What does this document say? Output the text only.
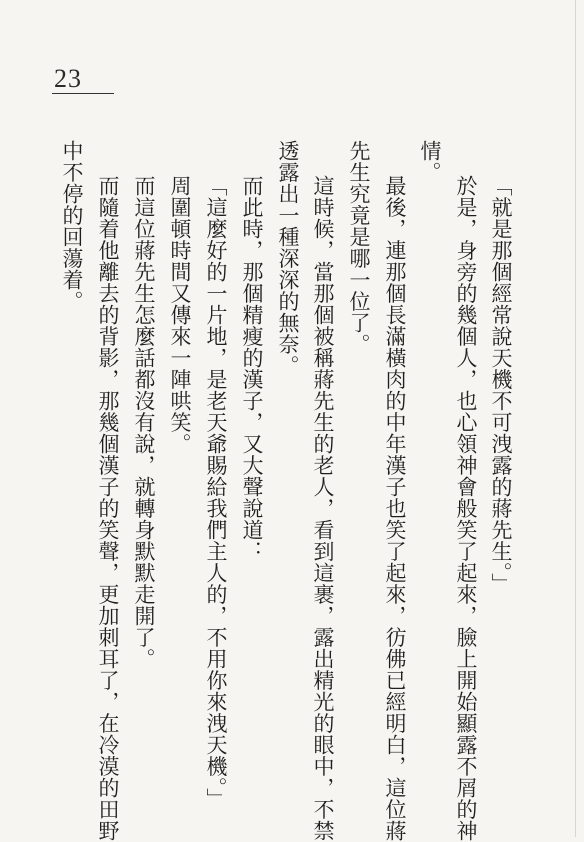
23
「就是那個經常說天機不可洩露的蔣先生。」
於是，身旁的幾個人，也心領神會般笑了起來，臉上開始顯露不屑的神
情。
最後，連那個長滿橫肉的中年漢子也笑了起來，彷佛已經明白，這位蔣
先生究竟是哪一位了。
這時候，當那個被稱蔣先生的老人，看到這裹，露出精光的眼中，不禁
透露出一種深深的無奈。
而此時，那個精瘦的漢子，又大聲說道：
「這麼好的一片地，是老天爺賜給我們主人的，不用你來洩天機。」
周圍頓時間又傳來一陣哄笑。
而這位蔣先生怎麼話都沒有說，就轉身默默走開了。
而隨着他離去的背影，那幾個漢子的笑聲，更加刺耳了，在冷漠的田野
中不停的回蕩着。
